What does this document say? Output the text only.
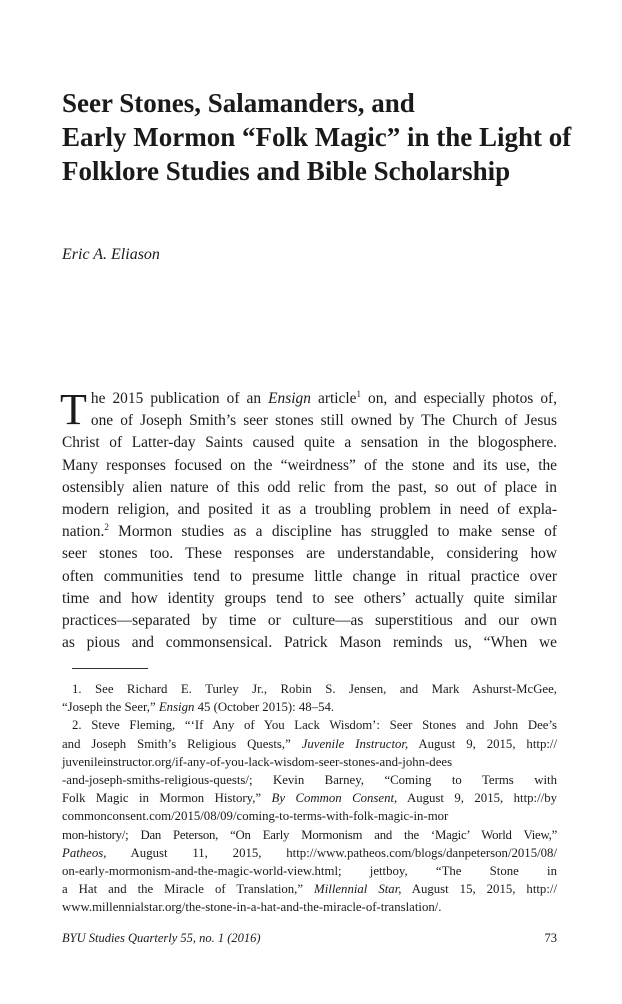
Seer Stones, Salamanders, and
Early Mormon “Folk Magic” in the Light of
Folklore Studies and Bible Scholarship

Eric A. Eliason

T he 2015 publication of an Ensign article$^1$ on, and especially photos of,
one of Joseph Smith’s seer stones still owned by The Church of Jesus
Christ of Latter-day Saints caused quite a sensation in the blogosphere.
Many responses focused on the “weirdness” of the stone and its use, the
ostensibly alien nature of this odd relic from the past, so out of place in
modern religion, and posited it as a troubling problem in need of expla-
nation.$^2$ Mormon studies as a discipline has struggled to make sense of
seer stones too. These responses are understandable, considering how
often communities tend to presume little change in ritual practice over
time and how identity groups tend to see others’ actually quite similar
practices—separated by time or culture—as superstitious and our own
as pious and commonsensical. Patrick Mason reminds us, “When we
1. See Richard E. Turley Jr., Robin S. Jensen, and Mark Ashurst-McGee,
“Joseph the Seer,” Ensign 45 (October 2015): 48–54.
2. Steve Fleming, “‘If Any of You Lack Wisdom’: Seer Stones and John Dee’s
and Joseph Smith’s Religious Quests,” Juvenile Instructor, August 9, 2015, http://
juvenileinstructor.org/if-any-of-you-lack-wisdom-seer-stones-and-john-dees
-and-joseph-smiths-religious-quests/; Kevin Barney, “Coming to Terms with
Folk Magic in Mormon History,” By Common Consent, August 9, 2015, http://by
commonconsent.com/2015/08/09/coming-to-terms-with-folk-magic-in-mor
mon-history/; Dan Peterson, “On Early Mormonism and the ‘Magic’ World View,”
Patheos, August 11, 2015, http://www.patheos.com/blogs/danpeterson/2015/08/
on-early-mormonism-and-the-magic-world-view.html; jettboy, “The Stone in
a Hat and the Miracle of Translation,” Millennial Star, August 15, 2015, http://
www.millennialstar.org/the-stone-in-a-hat-and-the-miracle-of-translation/.
BYU Studies Quarterly 55, no. 1 (2016)	73
